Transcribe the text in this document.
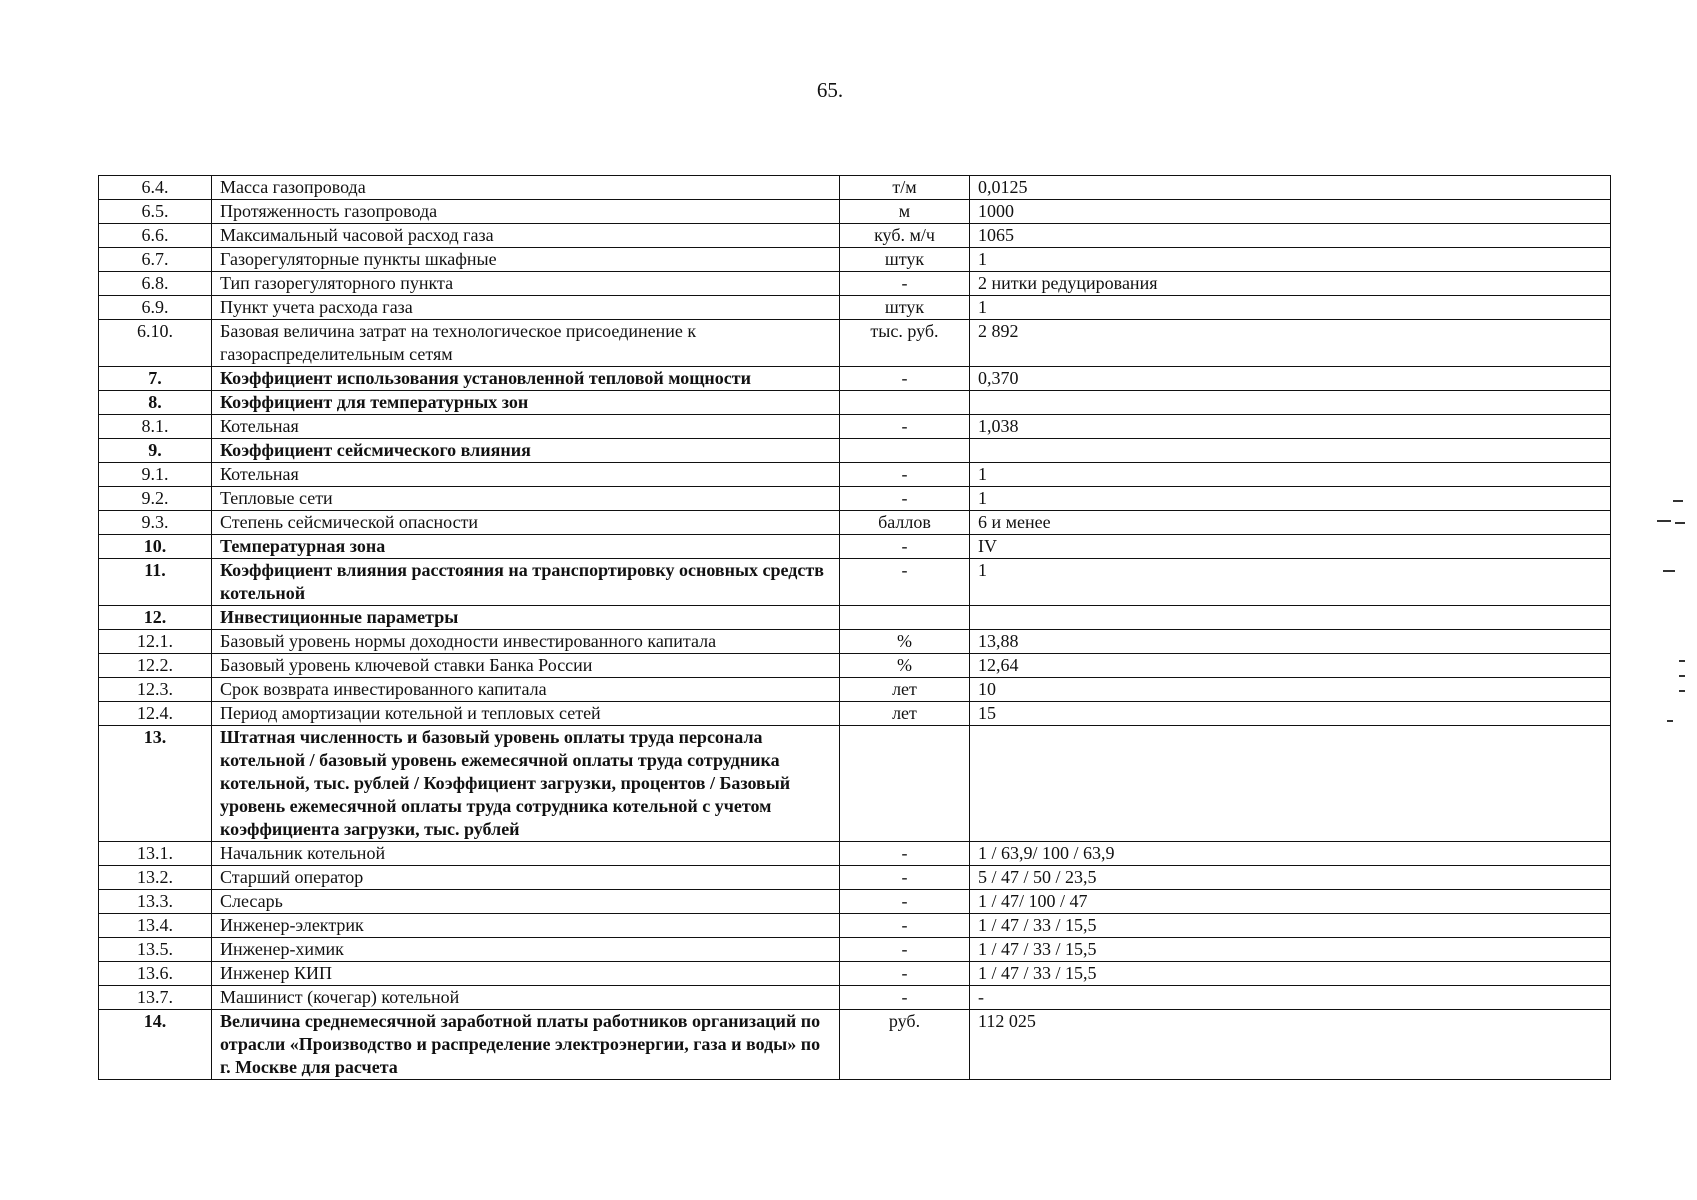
65.
6.4.	Масса газопровода	т/м	0,0125
6.5.	Протяженность газопровода	м	1000
6.6.	Максимальный часовой расход газа	куб. м/ч	1065
6.7.	Газорегуляторные пункты шкафные	штук	1
6.8.	Тип газорегуляторного пункта	-	2 нитки редуцирования
6.9.	Пункт учета расхода газа	штук	1
6.10.	Базовая величина затрат на технологическое присоединение к газораспределительным сетям	тыс. руб.	2 892
7.	Коэффициент использования установленной тепловой мощности	-	0,370
8.	Коэффициент для температурных зон		
8.1.	Котельная	-	1,038
9.	Коэффициент сейсмического влияния		
9.1.	Котельная	-	1
9.2.	Тепловые сети	-	1
9.3.	Степень сейсмической опасности	баллов	6 и менее
10.	Температурная зона	-	IV
11.	Коэффициент влияния расстояния на транспортировку основных средств котельной	-	1
12.	Инвестиционные параметры		
12.1.	Базовый уровень нормы доходности инвестированного капитала	%	13,88
12.2.	Базовый уровень ключевой ставки Банка России	%	12,64
12.3.	Срок возврата инвестированного капитала	лет	10
12.4.	Период амортизации котельной и тепловых сетей	лет	15
13.	Штатная численность и базовый уровень оплаты труда персонала котельной / базовый уровень ежемесячной оплаты труда сотрудника котельной, тыс. рублей / Коэффициент загрузки, процентов / Базовый уровень ежемесячной оплаты труда сотрудника котельной с учетом коэффициента загрузки, тыс. рублей		
13.1.	Начальник котельной	-	1 / 63,9/ 100 / 63,9
13.2.	Старший оператор	-	5 / 47 / 50 / 23,5
13.3.	Слесарь	-	1 / 47/ 100 / 47
13.4.	Инженер-электрик	-	1 / 47 / 33 / 15,5
13.5.	Инженер-химик	-	1 / 47 / 33 / 15,5
13.6.	Инженер КИП	-	1 / 47 / 33 / 15,5
13.7.	Машинист (кочегар) котельной	-	-
14.	Величина среднемесячной заработной платы работников организаций по отрасли «Производство и распределение электроэнергии, газа и воды» по г. Москве для расчета	руб.	112 025
